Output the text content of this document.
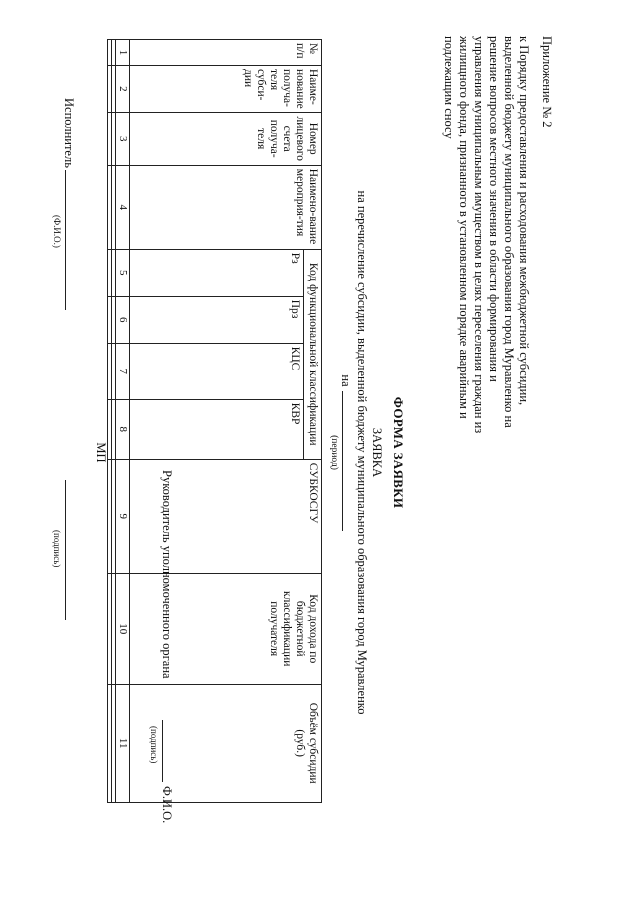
Приложение № 2

к Порядку предоставления и расходования межбюджетной субсидии, выделенной бюджету муниципального образования город Муравленко на решение вопросов местного значения в области формирования и управления муниципальным имуществом в целях переселения граждан из жилищного фонда, признанного в установленном порядке аварийным и подлежащим сносу

ФОРМА ЗАЯВКИ
ЗАЯВКА
на перечисление субсидии, выделенной бюджету муниципального образования город Муравленко
на
(период)
№ п/п	Наиме-нование получа-теля субси-дии	Номер лицевого счета получа-теля	Наимено-вание мероприя-тия	Код функциональной классификации				СУБКОСГУ	Код дохода по бюджетной классификации получателя	Объём субсидии (руб.)
				Рз	Прз	КЦС	КВР			
1	2	3	4	5	6	7	8	9	10	11

Руководитель уполномоченного органа
Ф.И.О.
(подпись)
МП
Исполнитель
(Ф.И.О.)
(подпись)
